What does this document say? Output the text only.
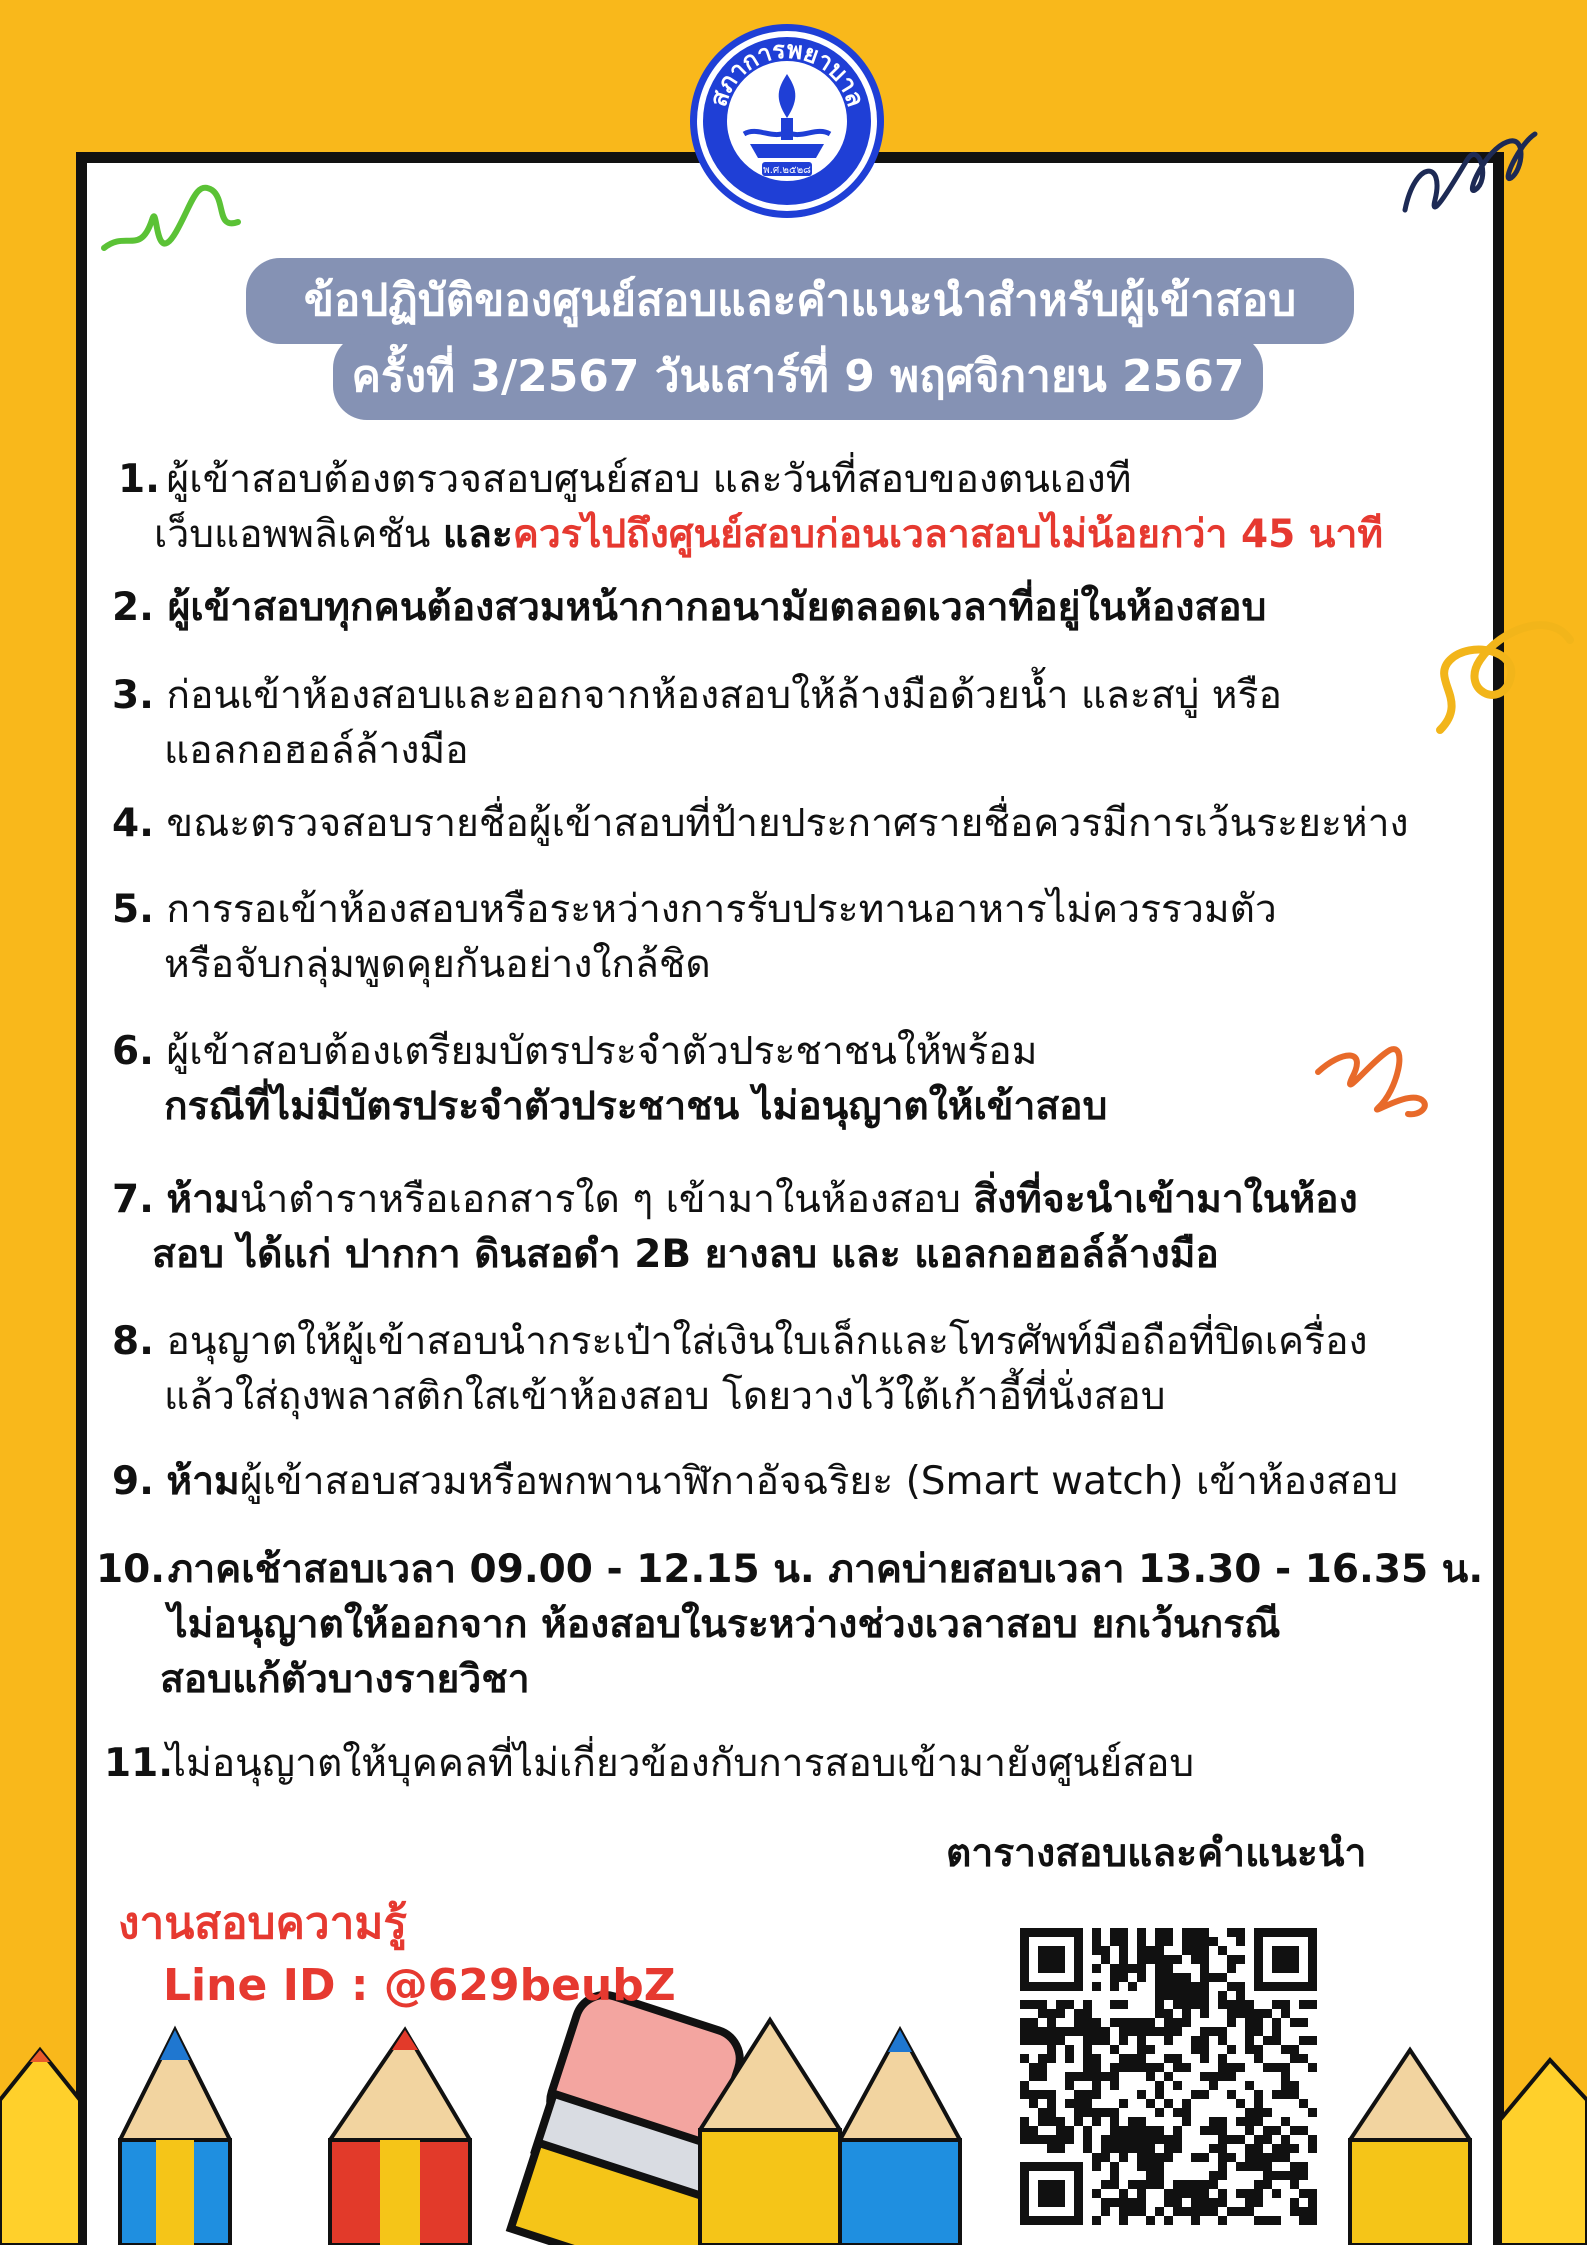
พ.ศ.๒๕๒๘
สภาการพยาบาล
ข้อปฏิบัติของศูนย์สอบและคำแนะนำสำหรับผู้เข้าสอบ
ครั้งที่ 3/2567 วันเสาร์ที่ 9 พฤศจิกายน 2567
1. ผู้เข้าสอบต้องตรวจสอบศูนย์สอบ และวันที่สอบของตนเองที
เว็บแอพพลิเคชัน และควรไปถึงศูนย์สอบก่อนเวลาสอบไม่น้อยกว่า 45 นาที
2. ผู้เข้าสอบทุกคนต้องสวมหน้ากากอนามัยตลอดเวลาที่อยู่ในห้องสอบ
3. ก่อนเข้าห้องสอบและออกจากห้องสอบให้ล้างมือด้วยน้ำ และสบู่ หรือ
แอลกอฮอล์ล้างมือ
4. ขณะตรวจสอบรายชื่อผู้เข้าสอบที่ป้ายประกาศรายชื่อควรมีการเว้นระยะห่าง
5. การรอเข้าห้องสอบหรือระหว่างการรับประทานอาหารไม่ควรรวมตัว
หรือจับกลุ่มพูดคุยกันอย่างใกล้ชิด
6. ผู้เข้าสอบต้องเตรียมบัตรประจำตัวประชาชนให้พร้อม
กรณีที่ไม่มีบัตรประจำตัวประชาชน ไม่อนุญาตให้เข้าสอบ
7. ห้ามนำตำราหรือเอกสารใด ๆ เข้ามาในห้องสอบ สิ่งที่จะนำเข้ามาในห้อง
สอบ ได้แก่ ปากกา ดินสอดำ 2B ยางลบ และ แอลกอฮอล์ล้างมือ
8. อนุญาตให้ผู้เข้าสอบนำกระเป๋าใส่เงินใบเล็กและโทรศัพท์มือถือที่ปิดเครื่อง
แล้วใส่ถุงพลาสติกใสเข้าห้องสอบ โดยวางไว้ใต้เก้าอี้ที่นั่งสอบ
9. ห้ามผู้เข้าสอบสวมหรือพกพานาฬิกาอัจฉริยะ (Smart watch) เข้าห้องสอบ
10. ภาคเช้าสอบเวลา 09.00 - 12.15 น. ภาคบ่ายสอบเวลา 13.30 - 16.35 น.
ไม่อนุญาตให้ออกจาก ห้องสอบในระหว่างช่วงเวลาสอบ ยกเว้นกรณี
สอบแก้ตัวบางรายวิชา
11. ไม่อนุญาตให้บุคคลที่ไม่เกี่ยวข้องกับการสอบเข้ามายังศูนย์สอบ
ตารางสอบและคำแนะนำ
งานสอบความรู้
Line ID : @629beubZ
